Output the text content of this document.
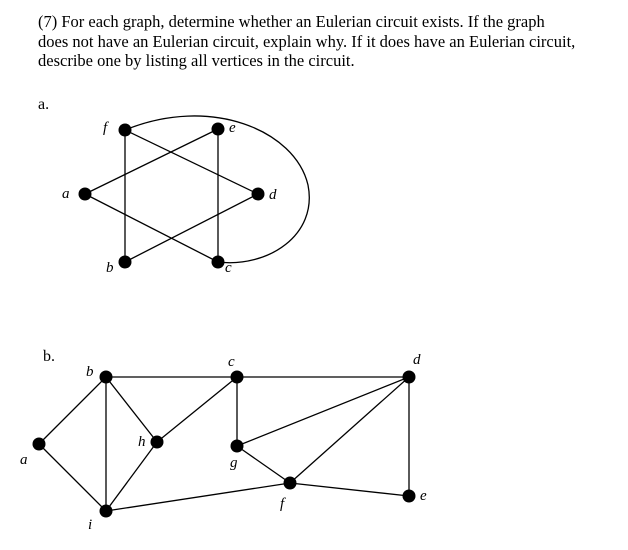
(7) For each graph, determine whether an Eulerian circuit exists. If the graph
does not have an Eulerian circuit, explain why. If it does have an Eulerian circuit,
describe one by listing all vertices in the circuit.
a.
b.
f	e
a	d
b	c
b
c	d
a
h
g
f	e
i
